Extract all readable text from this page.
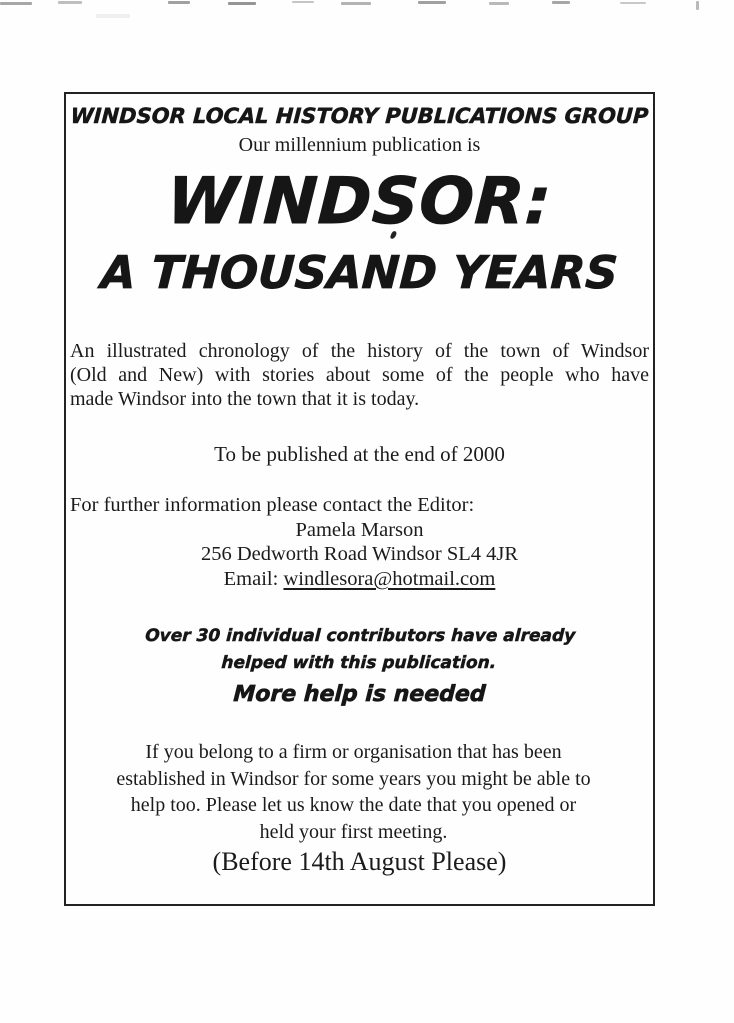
WINDSOR LOCAL HISTORY PUBLICATIONS GROUP
Our millennium publication is
WINDSOR:
A THOUSAND YEARS
An illustrated chronology of the history of the town of Windsor
(Old and New) with stories about some of the people who have
made Windsor into the town that it is today.
To be published at the end of 2000
For further information please contact the Editor:
Pamela Marson
256 Dedworth Road Windsor SL4 4JR
Email: windlesora@hotmail.com
Over 30 individual contributors have already
helped with this publication.
More help is needed
If you belong to a firm or organisation that has been
established in Windsor for some years you might be able to
help too. Please let us know the date that you opened or
held your first meeting.
(Before 14th August Please)
